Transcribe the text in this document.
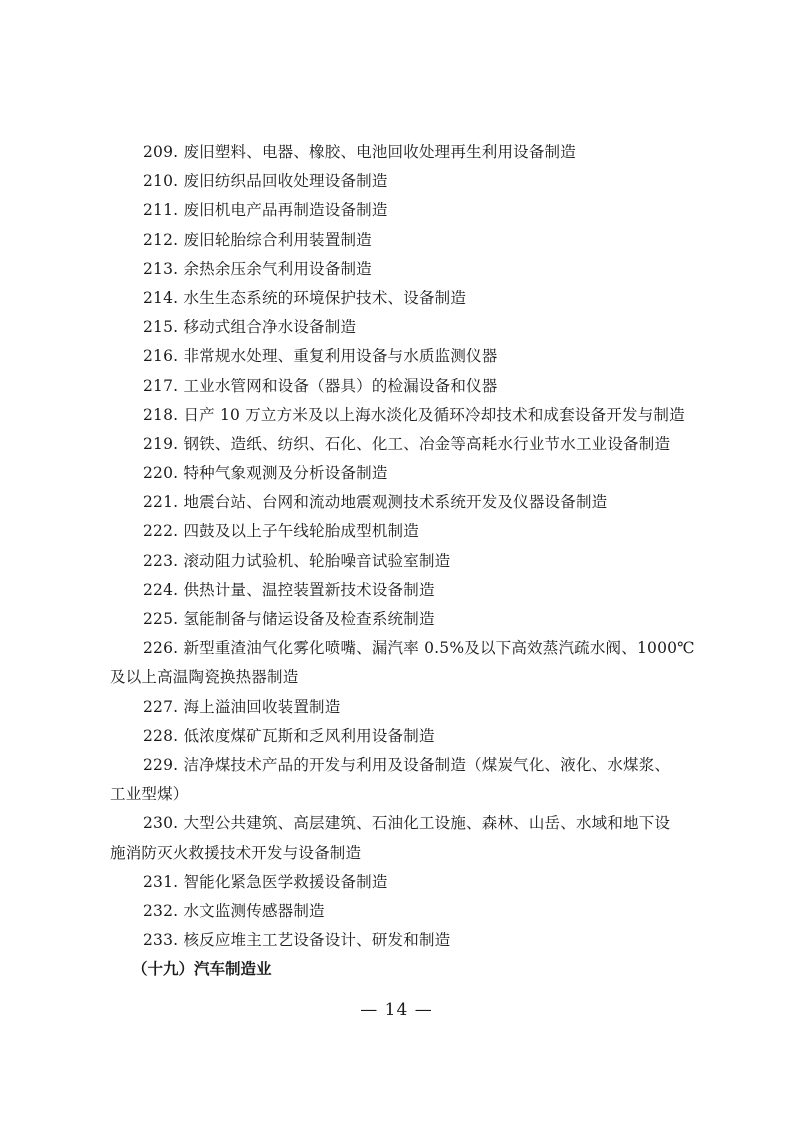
209. 废旧塑料、电器、橡胶、电池回收处理再生利用设备制造
210. 废旧纺织品回收处理设备制造
211. 废旧机电产品再制造设备制造
212. 废旧轮胎综合利用装置制造
213. 余热余压余气利用设备制造
214. 水生生态系统的环境保护技术、设备制造
215. 移动式组合净水设备制造
216. 非常规水处理、重复利用设备与水质监测仪器
217. 工业水管网和设备（器具）的检漏设备和仪器
218. 日产 10 万立方米及以上海水淡化及循环冷却技术和成套设备开发与制造
219. 钢铁、造纸、纺织、石化、化工、冶金等高耗水行业节水工业设备制造
220. 特种气象观测及分析设备制造
221. 地震台站、台网和流动地震观测技术系统开发及仪器设备制造
222. 四鼓及以上子午线轮胎成型机制造
223. 滚动阻力试验机、轮胎噪音试验室制造
224. 供热计量、温控装置新技术设备制造
225. 氢能制备与储运设备及检查系统制造
226. 新型重渣油气化雾化喷嘴、漏汽率 0.5%及以下高效蒸汽疏水阀、1000℃
及以上高温陶瓷换热器制造
227. 海上溢油回收装置制造
228. 低浓度煤矿瓦斯和乏风利用设备制造
229. 洁净煤技术产品的开发与利用及设备制造（煤炭气化、液化、水煤浆、
工业型煤）
230. 大型公共建筑、高层建筑、石油化工设施、森林、山岳、水域和地下设
施消防灭火救援技术开发与设备制造
231. 智能化紧急医学救援设备制造
232. 水文监测传感器制造
233. 核反应堆主工艺设备设计、研发和制造
（十九）汽车制造业
— 14 —
